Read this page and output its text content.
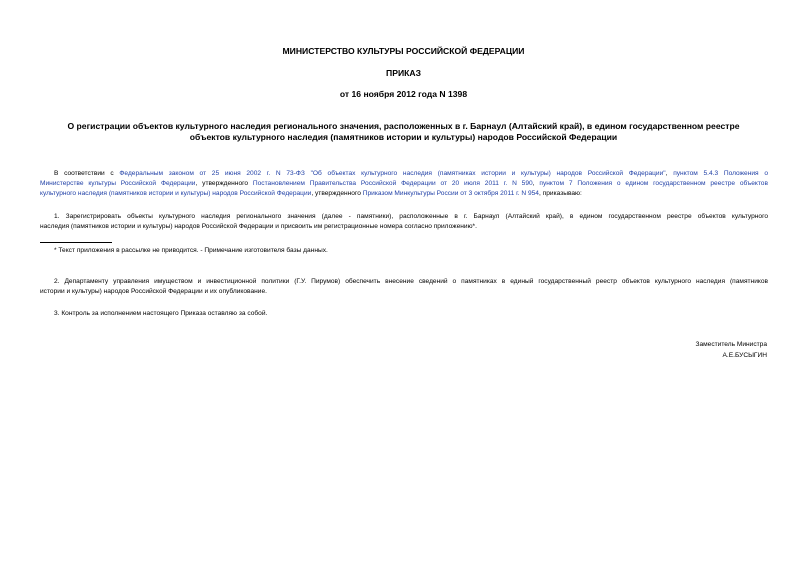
МИНИСТЕРСТВО КУЛЬТУРЫ РОССИЙСКОЙ ФЕДЕРАЦИИ
ПРИКАЗ
от 16 ноября 2012 года N 1398
О регистрации объектов культурного наследия регионального значения, расположенных в г. Барнаул (Алтайский край), в едином государственном реестре
объектов культурного наследия (памятников истории и культуры) народов Российской Федерации
В соответствии с Федеральным законом от 25 июня 2002 г. N 73-ФЗ "Об объектах культурного наследия (памятниках истории и культуры) народов Российской Федерации", пунктом 5.4.3 Положения о
Министерстве культуры Российской Федерации, утвержденного Постановлением Правительства Российской Федерации от 20 июля 2011 г. N 590, пунктом 7 Положения о едином государственном реестре объектов
культурного наследия (памятников истории и культуры) народов Российской Федерации, утвержденного Приказом Минкультуры России от 3 октября 2011 г. N 954, приказываю:
1. Зарегистрировать объекты культурного наследия регионального значения (далее - памятники), расположенные в г. Барнаул (Алтайский край), в едином государственном реестре объектов культурного
наследия (памятников истории и культуры) народов Российской Федерации и присвоить им регистрационные номера согласно приложению*.
* Текст приложения в рассылке не приводится. - Примечание изготовителя базы данных.
2. Департаменту управления имуществом и инвестиционной политики (Г.У. Пирумов) обеспечить внесение сведений о памятниках в единый государственный реестр объектов культурного наследия (памятников
истории и культуры) народов Российской Федерации и их опубликование.
3. Контроль за исполнением настоящего Приказа оставляю за собой.
Заместитель Министра
А.Е.БУСЫГИН
